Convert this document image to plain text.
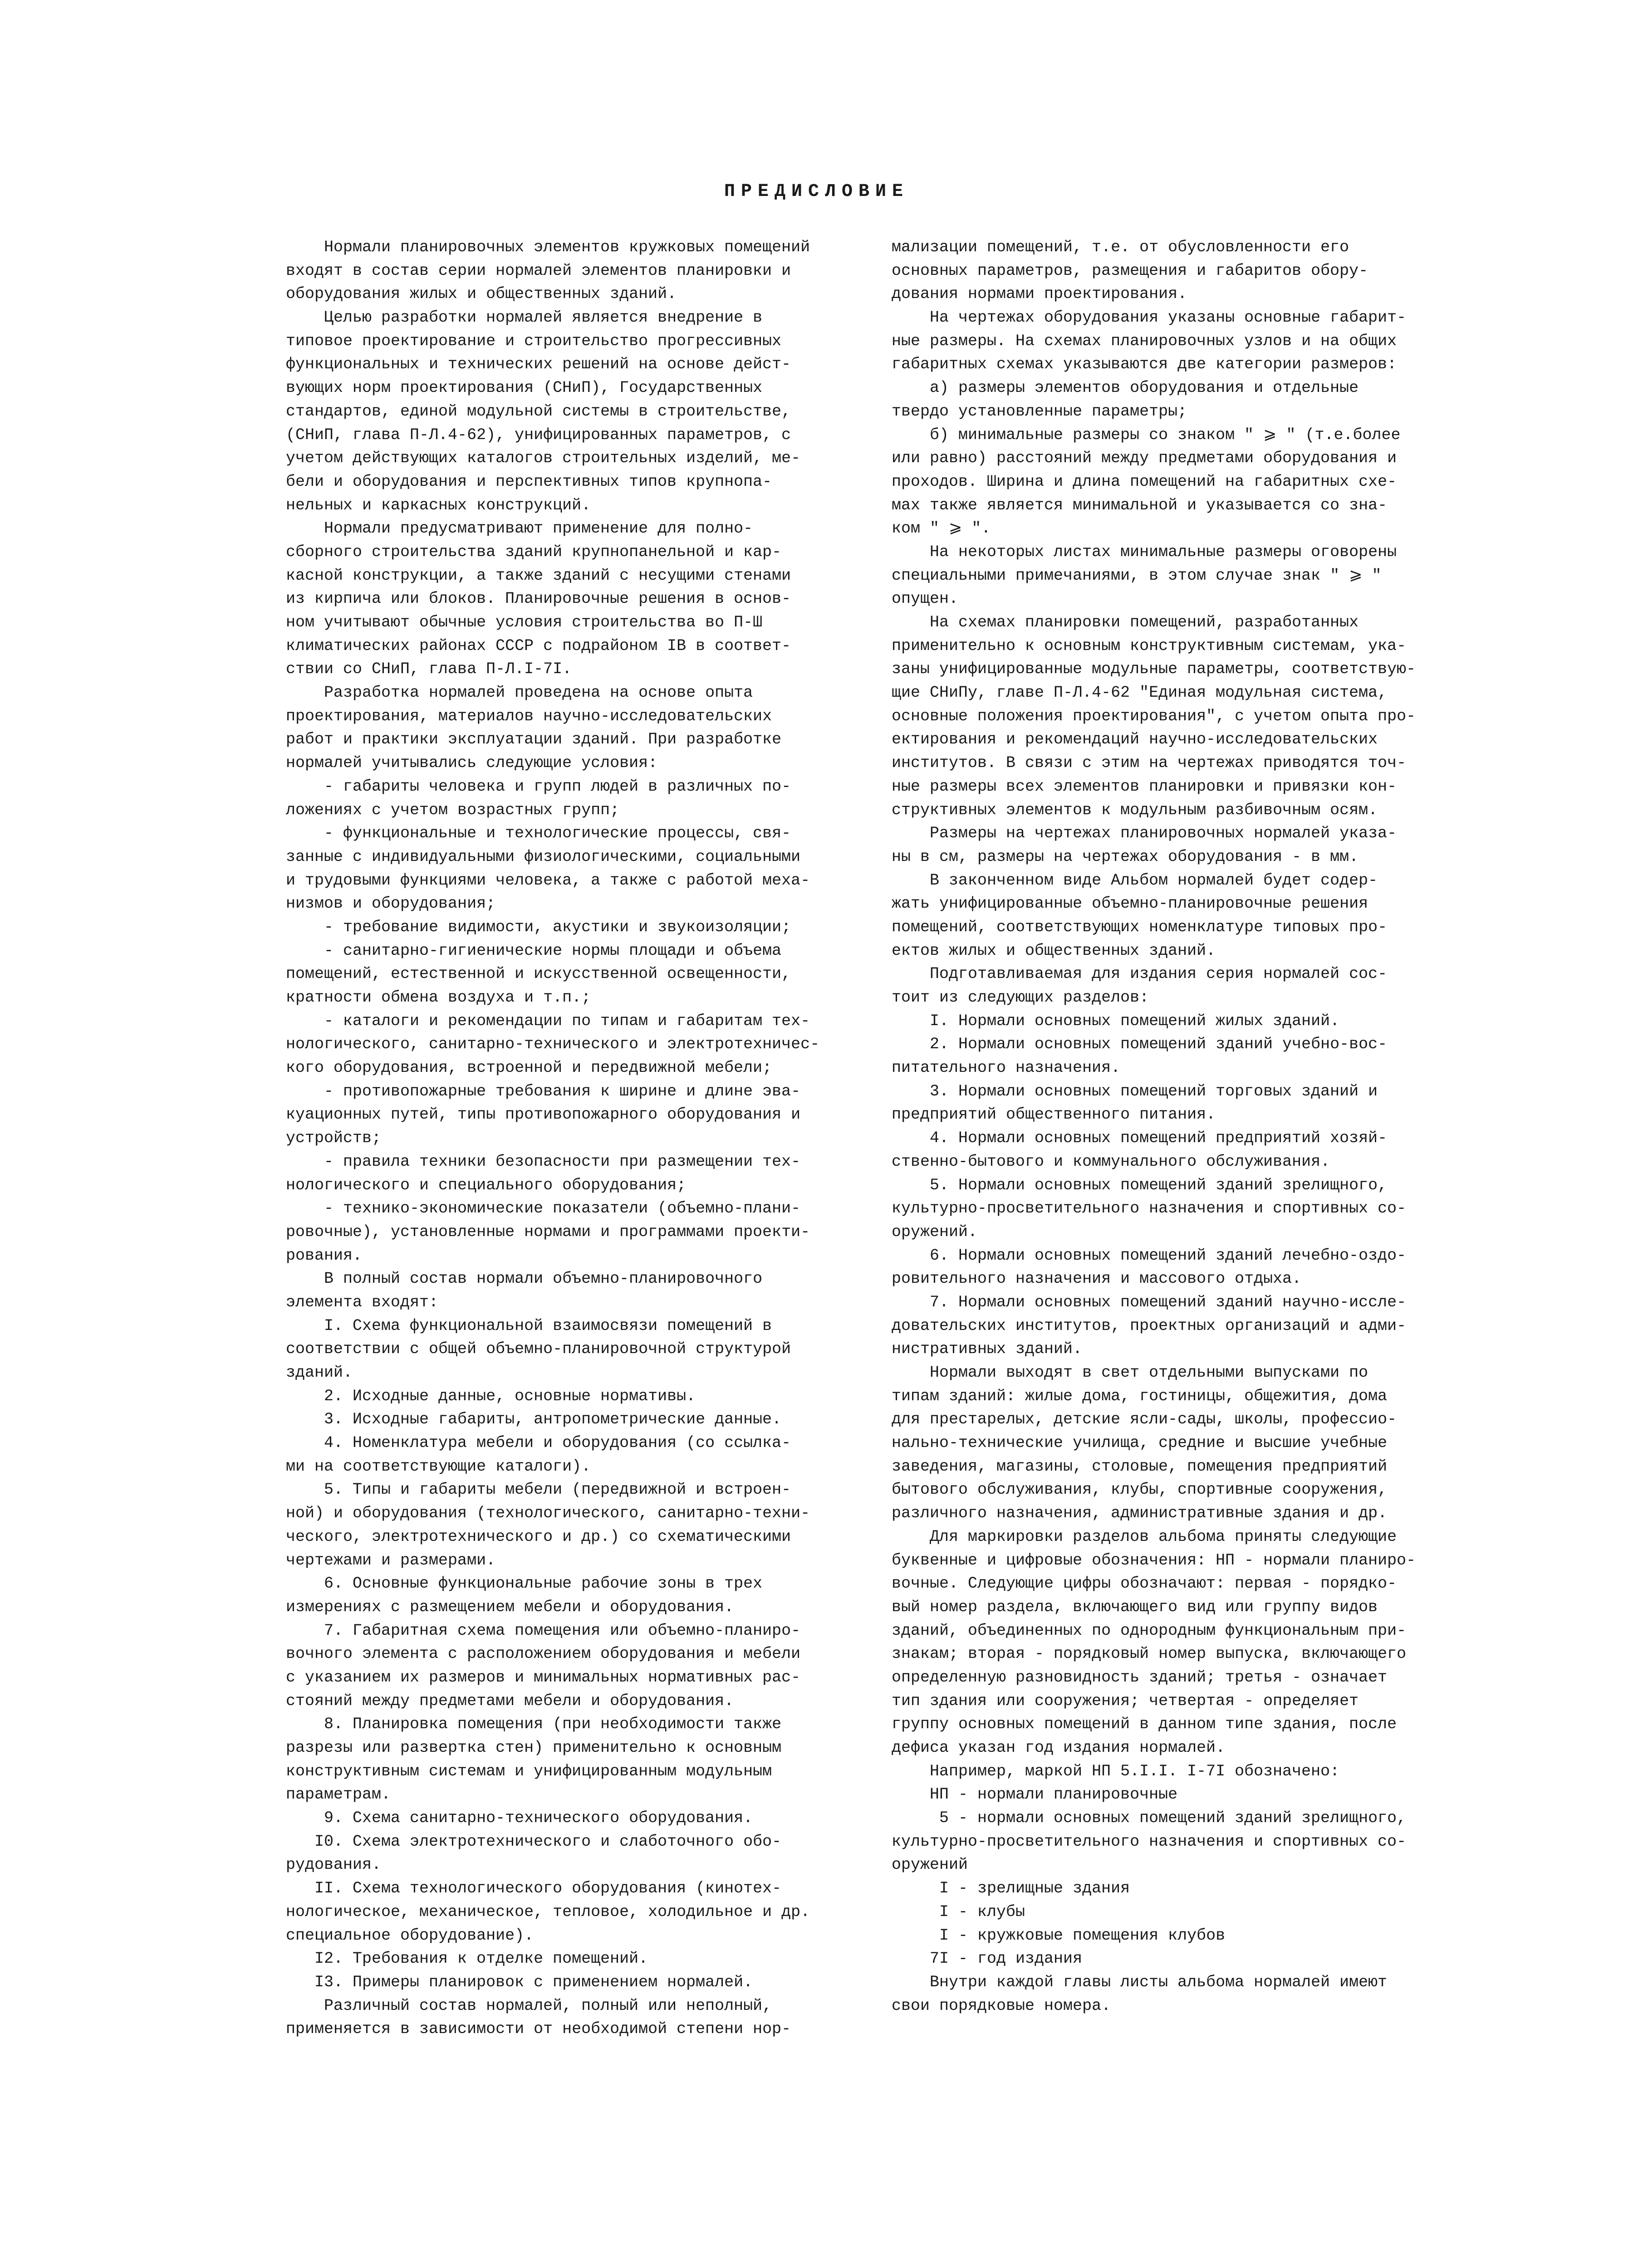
ПРЕДИСЛОВИЕ
Нормали планировочных элементов кружковых помещений
входят в состав серии нормалей элементов планировки и
оборудования жилых и общественных зданий.
Целью разработки нормалей является внедрение в
типовое проектирование и строительство прогрессивных
функциональных и технических решений на основе дейст-
вующих норм проектирования (СНиП), Государственных
стандартов, единой модульной системы в строительстве,
(СНиП, глава П-Л.4-62), унифицированных параметров, с
учетом действующих каталогов строительных изделий, ме-
бели и оборудования и перспективных типов крупнопа-
нельных и каркасных конструкций.
Нормали предусматривают применение для полно-
сборного строительства зданий крупнопанельной и кар-
касной конструкции, а также зданий с несущими стенами
из кирпича или блоков. Планировочные решения в основ-
ном учитывают обычные условия строительства во П-Ш
климатических районах СССР с подрайоном IВ в соответ-
ствии со СНиП, глава П-Л.I-7I.
Разработка нормалей проведена на основе опыта
проектирования, материалов научно-исследовательских
работ и практики эксплуатации зданий. При разработке
нормалей учитывались следующие условия:
- габариты человека и групп людей в различных по-
ложениях с учетом возрастных групп;
- функциональные и технологические процессы, свя-
занные с индивидуальными физиологическими, социальными
и трудовыми функциями человека, а также с работой меха-
низмов и оборудования;
- требование видимости, акустики и звукоизоляции;
- санитарно-гигиенические нормы площади и объема
помещений, естественной и искусственной освещенности,
кратности обмена воздуха и т.п.;
- каталоги и рекомендации по типам и габаритам тех-
нологического, санитарно-технического и электротехничес-
кого оборудования, встроенной и передвижной мебели;
- противопожарные требования к ширине и длине эва-
куационных путей, типы противопожарного оборудования и
устройств;
- правила техники безопасности при размещении тех-
нологического и специального оборудования;
- технико-экономические показатели (объемно-плани-
ровочные), установленные нормами и программами проекти-
рования.
В полный состав нормали объемно-планировочного
элемента входят:
I. Схема функциональной взаимосвязи помещений в
соответствии с общей объемно-планировочной структурой
зданий.
2. Исходные данные, основные нормативы.
3. Исходные габариты, антропометрические данные.
4. Номенклатура мебели и оборудования (со ссылка-
ми на соответствующие каталоги).
5. Типы и габариты мебели (передвижной и встроен-
ной) и оборудования (технологического, санитарно-техни-
ческого, электротехнического и др.) со схематическими
чертежами и размерами.
6. Основные функциональные рабочие зоны в трех
измерениях с размещением мебели и оборудования.
7. Габаритная схема помещения или объемно-планиро-
вочного элемента с расположением оборудования и мебели
с указанием их размеров и минимальных нормативных рас-
стояний между предметами мебели и оборудования.
8. Планировка помещения (при необходимости также
разрезы или развертка стен) применительно к основным
конструктивным системам и унифицированным модульным
параметрам.
9. Схема санитарно-технического оборудования.
I0. Схема электротехнического и слаботочного обо-
рудования.
II. Схема технологического оборудования (кинотех-
нологическое, механическое, тепловое, холодильное и др.
специальное оборудование).
I2. Требования к отделке помещений.
I3. Примеры планировок с применением нормалей.
Различный состав нормалей, полный или неполный,
применяется в зависимости от необходимой степени нор-
мализации помещений, т.е. от обусловленности его
основных параметров, размещения и габаритов обору-
дования нормами проектирования.
На чертежах оборудования указаны основные габарит-
ные размеры. На схемах планировочных узлов и на общих
габаритных схемах указываются две категории размеров:
а) размеры элементов оборудования и отдельные
твердо установленные параметры;
б) минимальные размеры со знаком " ⩾ " (т.е.более
или равно) расстояний между предметами оборудования и
проходов. Ширина и длина помещений на габаритных схе-
мах также является минимальной и указывается со зна-
ком " ⩾ ".
На некоторых листах минимальные размеры оговорены
специальными примечаниями, в этом случае знак " ⩾ "
опущен.
На схемах планировки помещений, разработанных
применительно к основным конструктивным системам, ука-
заны унифицированные модульные параметры, соответствую-
щие СНиПу, главе П-Л.4-62 "Единая модульная система,
основные положения проектирования", с учетом опыта про-
ектирования и рекомендаций научно-исследовательских
институтов. В связи с этим на чертежах приводятся точ-
ные размеры всех элементов планировки и привязки кон-
структивных элементов к модульным разбивочным осям.
Размеры на чертежах планировочных нормалей указа-
ны в см, размеры на чертежах оборудования - в мм.
В законченном виде Альбом нормалей будет содер-
жать унифицированные объемно-планировочные решения
помещений, соответствующих номенклатуре типовых про-
ектов жилых и общественных зданий.
Подготавливаемая для издания серия нормалей сос-
тоит из следующих разделов:
I. Нормали основных помещений жилых зданий.
2. Нормали основных помещений зданий учебно-вос-
питательного назначения.
3. Нормали основных помещений торговых зданий и
предприятий общественного питания.
4. Нормали основных помещений предприятий хозяй-
ственно-бытового и коммунального обслуживания.
5. Нормали основных помещений зданий зрелищного,
культурно-просветительного назначения и спортивных со-
оружений.
6. Нормали основных помещений зданий лечебно-оздо-
ровительного назначения и массового отдыха.
7. Нормали основных помещений зданий научно-иссле-
довательских институтов, проектных организаций и адми-
нистративных зданий.
Нормали выходят в свет отдельными выпусками по
типам зданий: жилые дома, гостиницы, общежития, дома
для престарелых, детские ясли-сады, школы, профессио-
нально-технические училища, средние и высшие учебные
заведения, магазины, столовые, помещения предприятий
бытового обслуживания, клубы, спортивные сооружения,
различного назначения, административные здания и др.
Для маркировки разделов альбома приняты следующие
буквенные и цифровые обозначения: НП - нормали планиро-
вочные. Следующие цифры обозначают: первая - порядко-
вый номер раздела, включающего вид или группу видов
зданий, объединенных по однородным функциональным при-
знакам; вторая - порядковый номер выпуска, включающего
определенную разновидность зданий; третья - означает
тип здания или сооружения; четвертая - определяет
группу основных помещений в данном типе здания, после
дефиса указан год издания нормалей.
Например, маркой НП 5.I.I. I-7I обозначено:
НП - нормали планировочные
5 - нормали основных помещений зданий зрелищного,
культурно-просветительного назначения и спортивных со-
оружений
I - зрелищные здания
I - клубы
I - кружковые помещения клубов
7I - год издания
Внутри каждой главы листы альбома нормалей имеют
свои порядковые номера.
